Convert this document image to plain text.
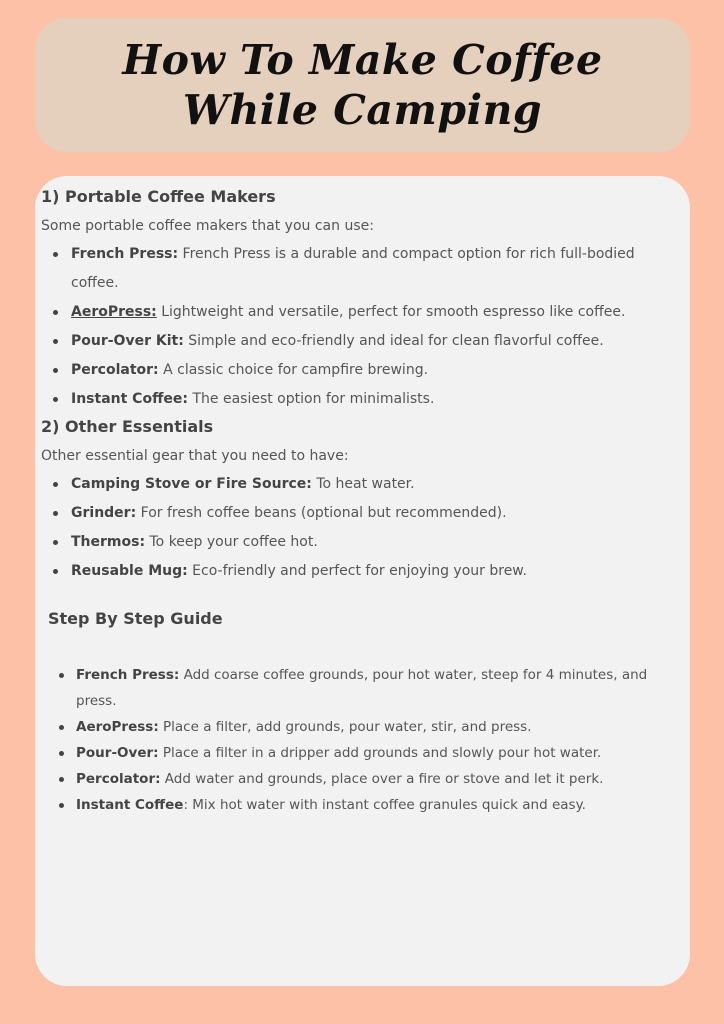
How To Make Coffee
While Camping

1) Portable Coffee Makers

Some portable coffee makers that you can use:

French Press: French Press is a durable and compact option for rich full-bodied coffee.
AeroPress: Lightweight and versatile, perfect for smooth espresso like coffee.
Pour-Over Kit: Simple and eco-friendly and ideal for clean flavorful coffee.
Percolator: A classic choice for campfire brewing.
Instant Coffee: The easiest option for minimalists.

2) Other Essentials

Other essential gear that you need to have:

Camping Stove or Fire Source: To heat water.
Grinder: For fresh coffee beans (optional but recommended).
Thermos: To keep your coffee hot.
Reusable Mug: Eco-friendly and perfect for enjoying your brew.

Step By Step Guide

French Press: Add coarse coffee grounds, pour hot water, steep for 4 minutes, and press.
AeroPress: Place a filter, add grounds, pour water, stir, and press.
Pour-Over: Place a filter in a dripper add grounds and slowly pour hot water.
Percolator: Add water and grounds, place over a fire or stove and let it perk.
Instant Coffee: Mix hot water with instant coffee granules quick and easy.
